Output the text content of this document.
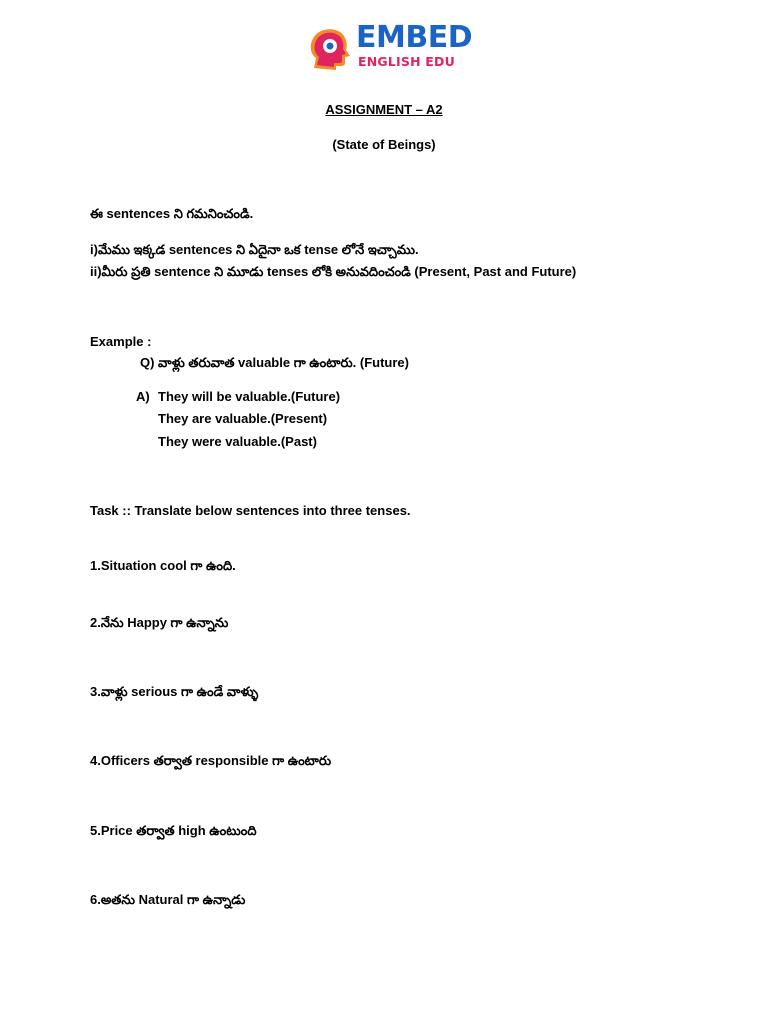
EMBED
ENGLISH EDU
ASSIGNMENT – A2
(State of Beings)
ఈ sentences ని గమనించండి.
i)మేము ఇక్కడ sentences ని ఏదైనా ఒక tense లోనే ఇచ్చాము.
ii)మీరు ప్రతి sentence ని మూడు tenses లోకి అనువదించండి (Present, Past and Future)
Example :
Q) వాళ్లు తరువాత valuable గా ఉంటారు. (Future)
A) They will be valuable.(Future)
They are valuable.(Present)
They were valuable.(Past)
Task :: Translate below sentences into three tenses.
1.Situation cool గా ఉంది.
2.నేను Happy గా ఉన్నాను
3.వాళ్లు serious గా ఉండే వాళ్ళు
4.Officers తర్వాత responsible గా ఉంటారు
5.Price తర్వాత high ఉంటుంది
6.అతను Natural గా ఉన్నాడు
